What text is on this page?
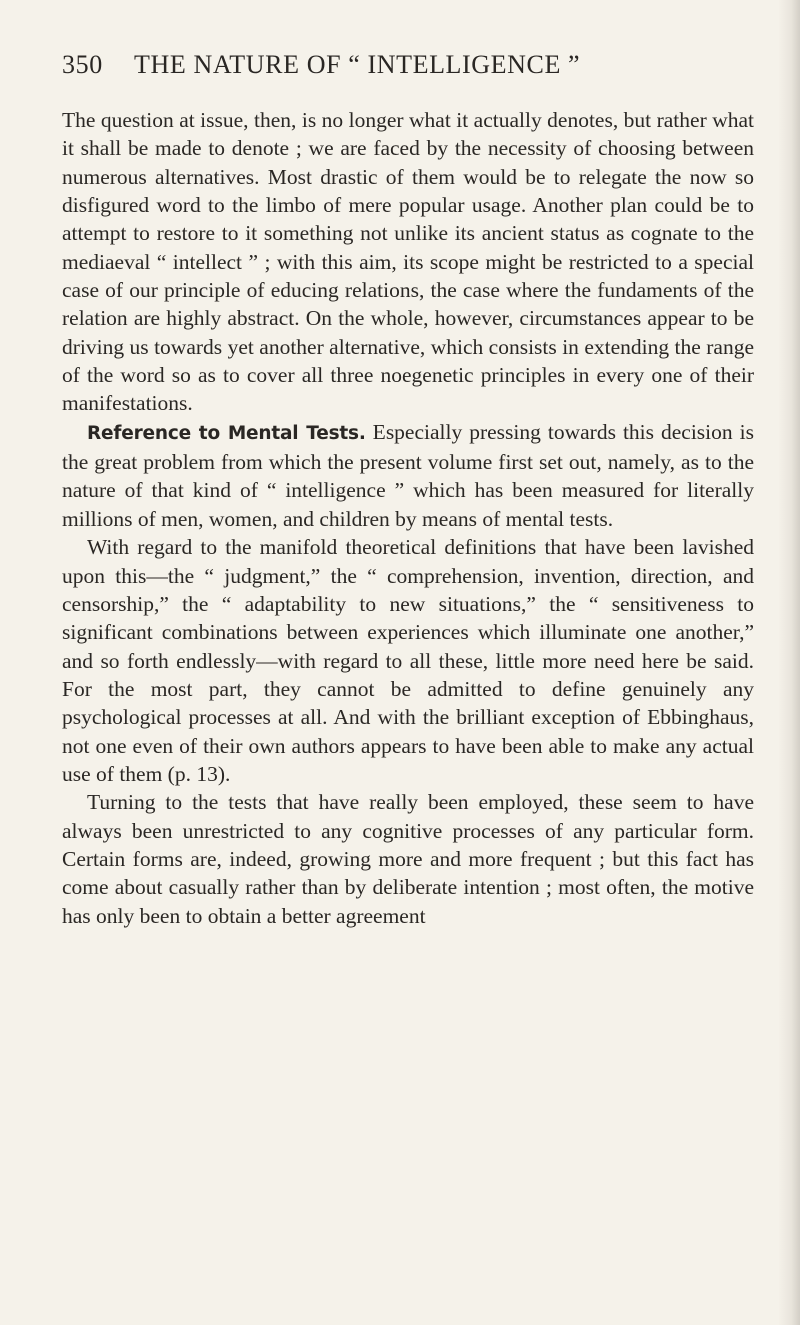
350 THE NATURE OF “ INTELLIGENCE ”

The question at issue, then, is no longer what it actually denotes, but rather what it shall be made to denote ; we are faced by the necessity of choosing between numerous alternatives. Most drastic of them would be to relegate the now so disfigured word to the limbo of mere popular usage. Another plan could be to attempt to restore to it something not unlike its ancient status as cognate to the mediaeval “ intellect ” ; with this aim, its scope might be restricted to a special case of our principle of educing relations, the case where the fundaments of the relation are highly abstract. On the whole, however, circumstances appear to be driving us towards yet another alternative, which consists in extending the range of the word so as to cover all three noegenetic principles in every one of their manifestations.

Reference to Mental Tests. Especially pressing towards this decision is the great problem from which the present volume first set out, namely, as to the nature of that kind of “ intelligence ” which has been measured for literally millions of men, women, and children by means of mental tests.

With regard to the manifold theoretical definitions that have been lavished upon this—the “ judgment,” the “ comprehension, invention, direction, and censorship,” the “ adaptability to new situations,” the “ sensitiveness to significant combinations between experiences which illuminate one another,” and so forth endlessly—with regard to all these, little more need here be said. For the most part, they cannot be admitted to define genuinely any psychological processes at all. And with the brilliant exception of Ebbinghaus, not one even of their own authors appears to have been able to make any actual use of them (p. 13).

Turning to the tests that have really been employed, these seem to have always been unrestricted to any cognitive processes of any particular form. Certain forms are, indeed, growing more and more frequent ; but this fact has come about casually rather than by deliberate intention ; most often, the motive has only been to obtain a better agreement
